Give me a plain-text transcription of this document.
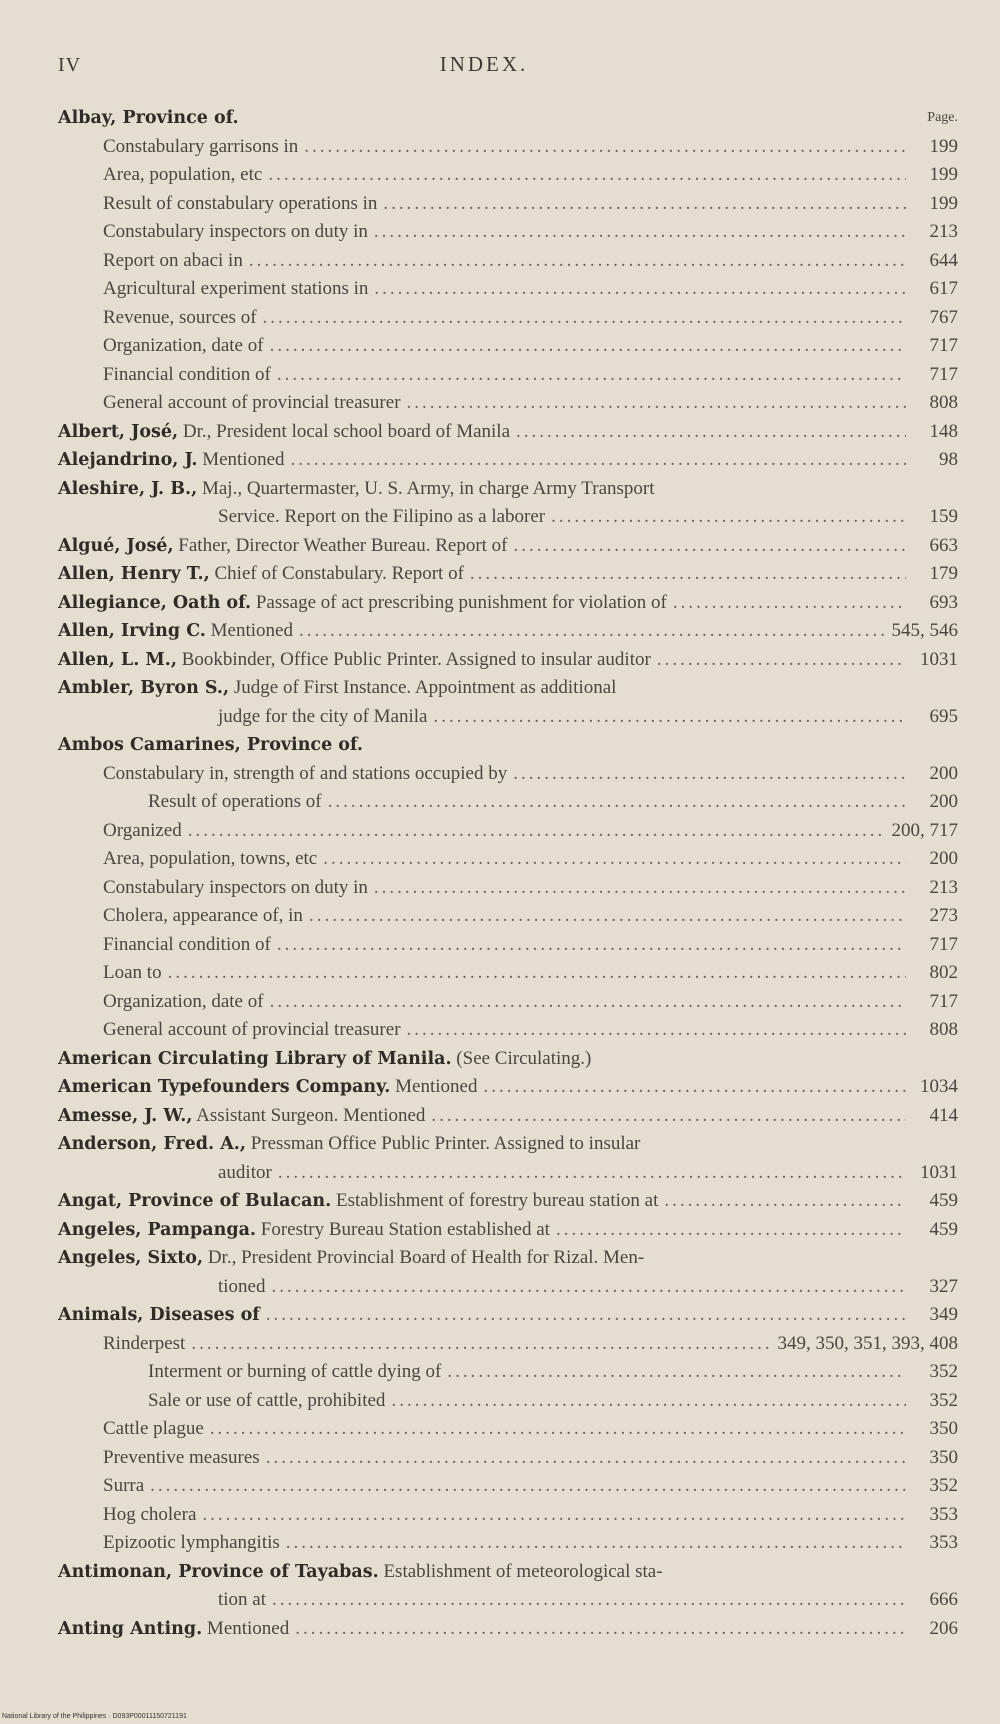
IV	INDEX.
Page.
Albay, Province of.
Constabulary garrisons in .....	199
Area, population, etc .....	199
Result of constabulary operations in .....	199
Constabulary inspectors on duty in .....	213
Report on abaci in .....	644
Agricultural experiment stations in .....	617
Revenue, sources of .....	767
Organization, date of .....	717
Financial condition of .....	717
General account of provincial treasurer .....	808
Albert, José, Dr., President local school board of Manila .....	148
Alejandrino, J. Mentioned .....	98
Aleshire, J. B., Maj., Quartermaster, U. S. Army, in charge Army Transport
Service. Report on the Filipino as a laborer .....	159
Algué, José, Father, Director Weather Bureau. Report of .....	663
Allen, Henry T., Chief of Constabulary. Report of .....	179
Allegiance, Oath of. Passage of act prescribing punishment for violation of .....	693
Allen, Irving C. Mentioned .....	545, 546
Allen, L. M., Bookbinder, Office Public Printer. Assigned to insular auditor .....	1031
Ambler, Byron S., Judge of First Instance. Appointment as additional
judge for the city of Manila .....	695
Ambos Camarines, Province of.
Constabulary in, strength of and stations occupied by .....	200
Result of operations of .....	200
Organized .....	200, 717
Area, population, towns, etc .....	200
Constabulary inspectors on duty in .....	213
Cholera, appearance of, in .....	273
Financial condition of .....	717
Loan to .....	802
Organization, date of .....	717
General account of provincial treasurer .....	808
American Circulating Library of Manila. (See Circulating.)
American Typefounders Company. Mentioned .....	1034
Amesse, J. W., Assistant Surgeon. Mentioned .....	414
Anderson, Fred. A., Pressman Office Public Printer. Assigned to insular
auditor .....	1031
Angat, Province of Bulacan. Establishment of forestry bureau station at .....	459
Angeles, Pampanga. Forestry Bureau Station established at .....	459
Angeles, Sixto, Dr., President Provincial Board of Health for Rizal. Men-
tioned .....	327
Animals, Diseases of .....	349
Rinderpest .....	349, 350, 351, 393, 408
Interment or burning of cattle dying of .....	352
Sale or use of cattle, prohibited .....	352
Cattle plague .....	350
Preventive measures .....	350
Surra .....	352
Hog cholera .....	353
Epizootic lymphangitis .....	353
Antimonan, Province of Tayabas. Establishment of meteorological sta-
tion at .....	666
Anting Anting. Mentioned .....	206
National Library of the Philippines · D093P00011150721191
